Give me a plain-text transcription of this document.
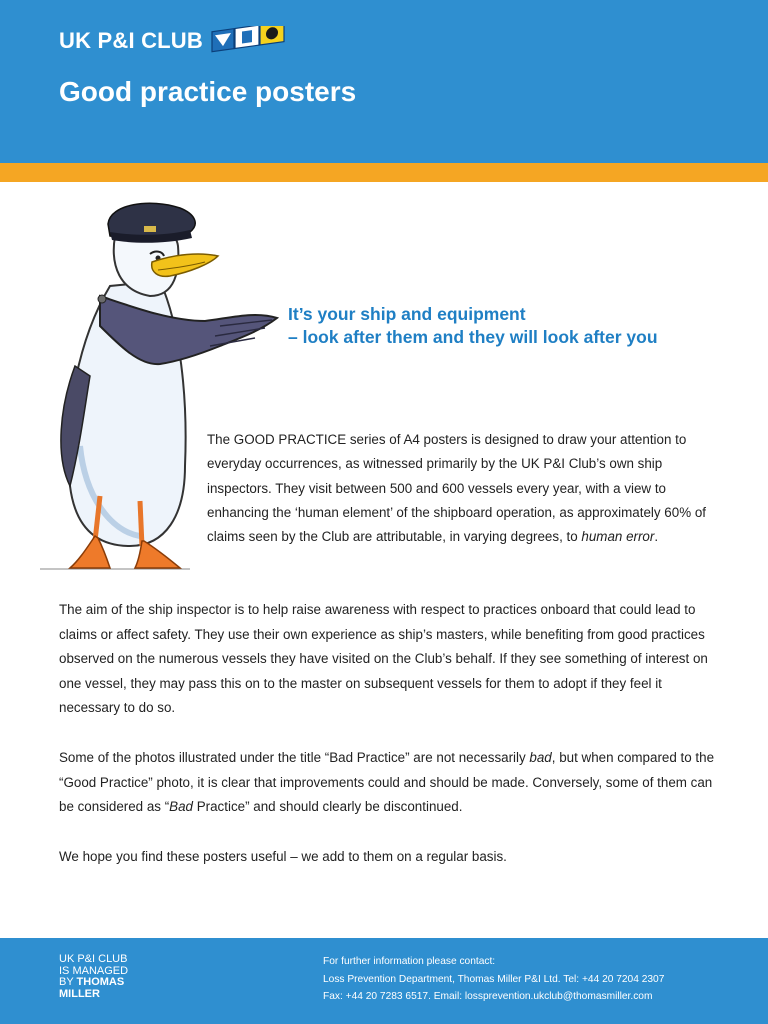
UK P&I CLUB
Good practice posters
It’s your ship and equipment
– look after them and they will look after you
The GOOD PRACTICE series of A4 posters is designed to draw your attention to everyday occurrences, as witnessed primarily by the UK P&I Club’s own ship inspectors. They visit between 500 and 600 vessels every year, with a view to enhancing the ‘human element’ of the shipboard operation, as approximately 60% of claims seen by the Club are attributable, in varying degrees, to human error.

The aim of the ship inspector is to help raise awareness with respect to practices onboard that could lead to claims or affect safety. They use their own experience as ship’s masters, while benefiting from good practices observed on the numerous vessels they have visited on the Club’s behalf. If they see something of interest on one vessel, they may pass this on to the master on subsequent vessels for them to adopt if they feel it necessary to do so.

Some of the photos illustrated under the title “Bad Practice” are not necessarily bad, but when compared to the “Good Practice” photo, it is clear that improvements could and should be made. Conversely, some of them can be considered as “Bad Practice” and should clearly be discontinued.

We hope you find these posters useful – we add to them on a regular basis.

UK P&I CLUB
IS MANAGED
BY THOMAS
MILLER
For further information please contact:
Loss Prevention Department, Thomas Miller P&I Ltd. Tel: +44 20 7204 2307
Fax: +44 20 7283 6517. Email: lossprevention.ukclub@thomasmiller.com
